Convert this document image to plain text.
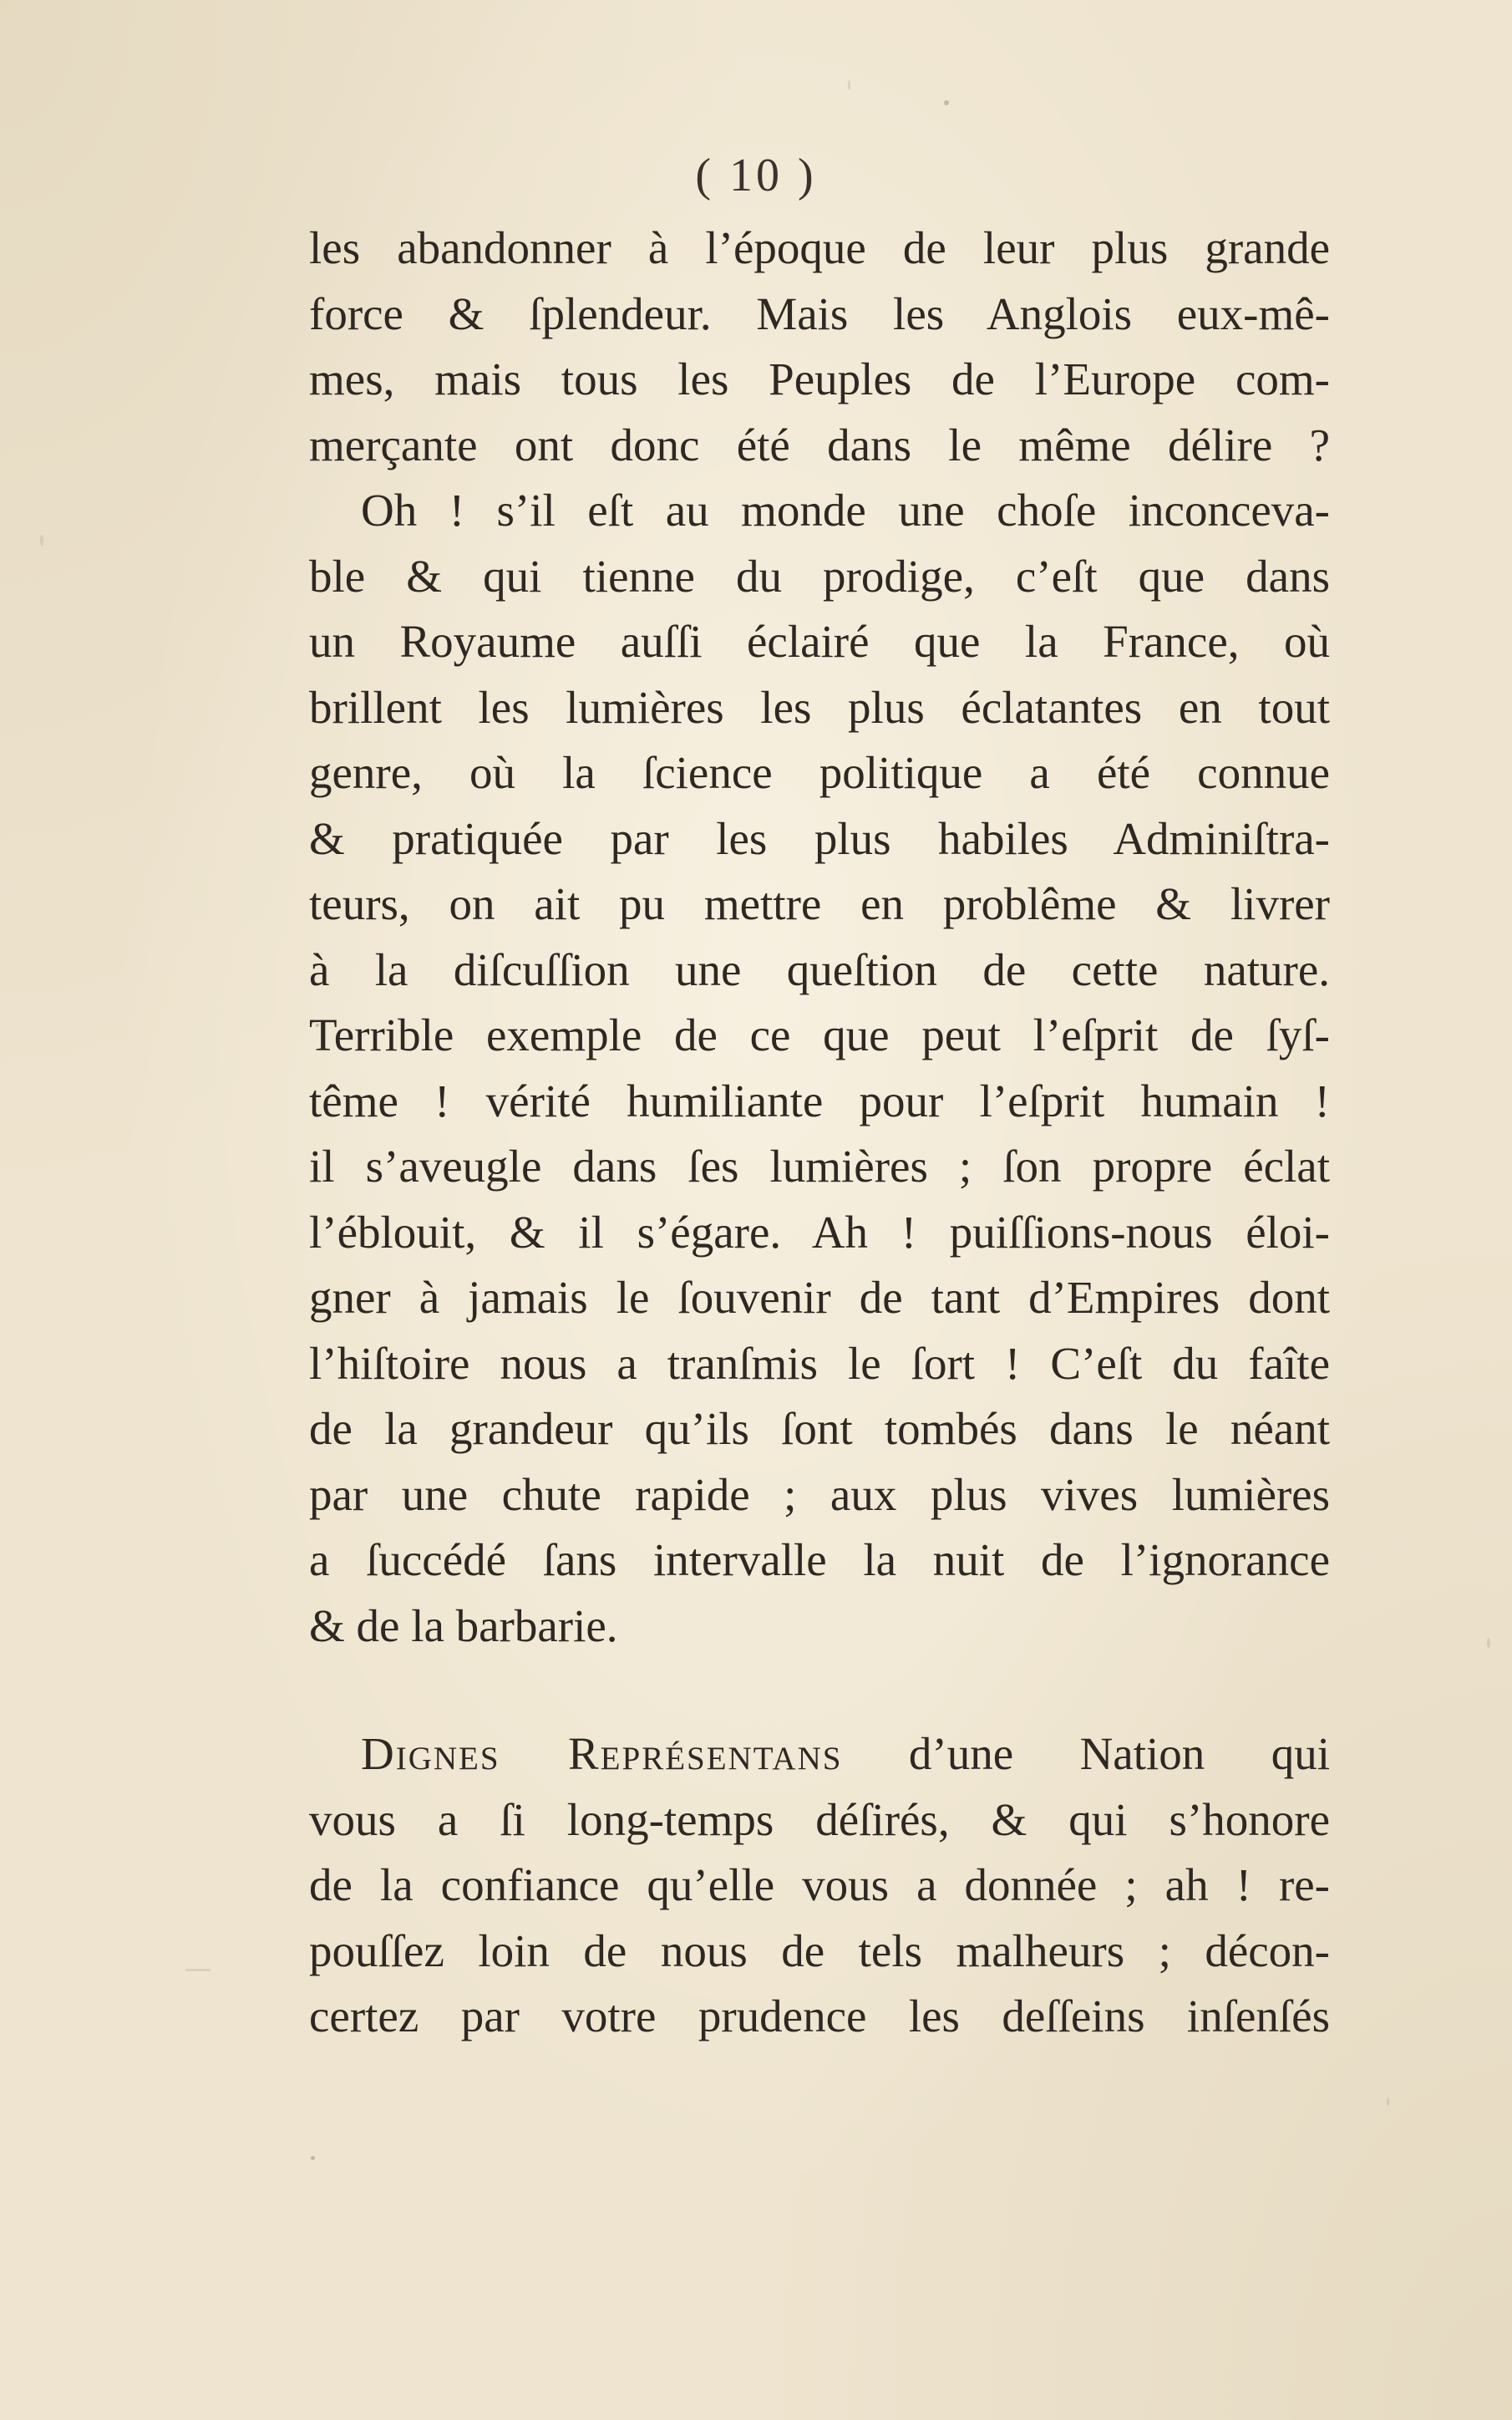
( 10 )
les abandonner à l’époque de leur plus grande
force & ſplendeur. Mais les Anglois eux-mê-
mes, mais tous les Peuples de l’Europe com-
merçante ont donc été dans le même délire ?
Oh ! s’il eſt au monde une choſe inconceva-
ble & qui tienne du prodige, c’eſt que dans
un Royaume auſſi éclairé que la France, où
brillent les lumières les plus éclatantes en tout
genre, où la ſcience politique a été connue
& pratiquée par les plus habiles Adminiſtra-
teurs, on ait pu mettre en problême & livrer
à la diſcuſſion une queſtion de cette nature.
Terrible exemple de ce que peut l’eſprit de ſyſ-
tême ! vérité humiliante pour l’eſprit humain !
il s’aveugle dans ſes lumières ; ſon propre éclat
l’éblouit, & il s’égare. Ah ! puiſſions-nous éloi-
gner à jamais le ſouvenir de tant d’Empires dont
l’hiſtoire nous a tranſmis le ſort ! C’eſt du faîte
de la grandeur qu’ils ſont tombés dans le néant
par une chute rapide ; aux plus vives lumières
a ſuccédé ſans intervalle la nuit de l’ignorance
& de la barbarie.
Dignes Représentans d’une Nation qui
vous a ſi long-temps déſirés, & qui s’honore
de la confiance qu’elle vous a donnée ; ah ! re-
pouſſez loin de nous de tels malheurs ; décon-
certez par votre prudence les deſſeins inſenſés
